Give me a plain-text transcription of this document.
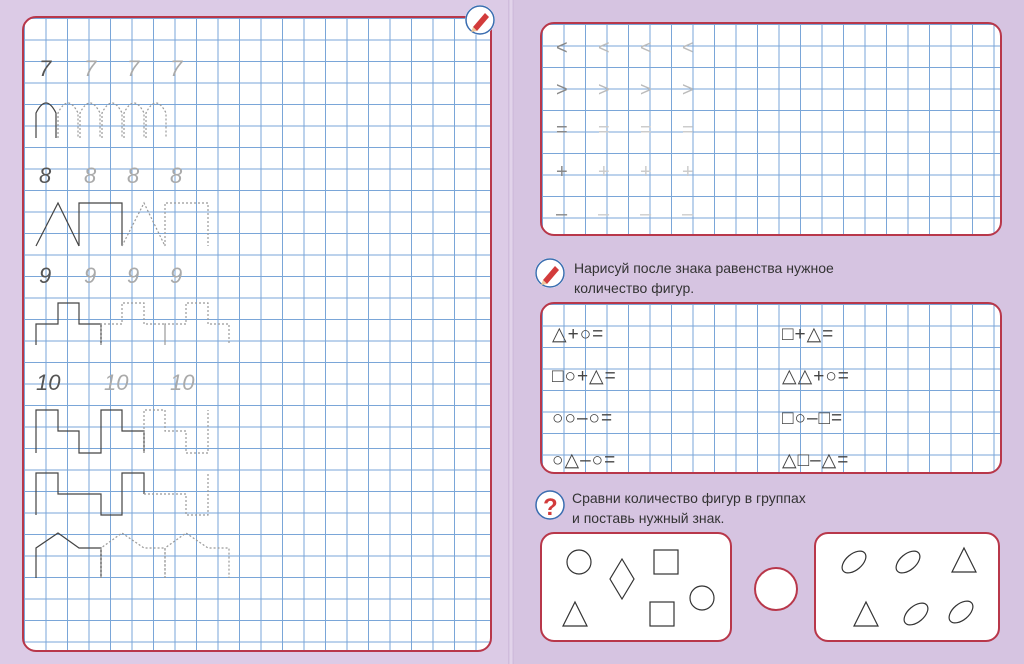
7 7 7 7
8 8 8 8
9 9 9 9
10 10 10
< < < <
> > > >
= = = =
+ + + +
– – – –
Нарисуй после знака равенства нужное
количество фигур.
△+○=
□○+△=
○○–○=
○△–○=
□+△=
△△+○=
□○–□=
△□–△=
? Сравни количество фигур в группах
и поставь нужный знак.
